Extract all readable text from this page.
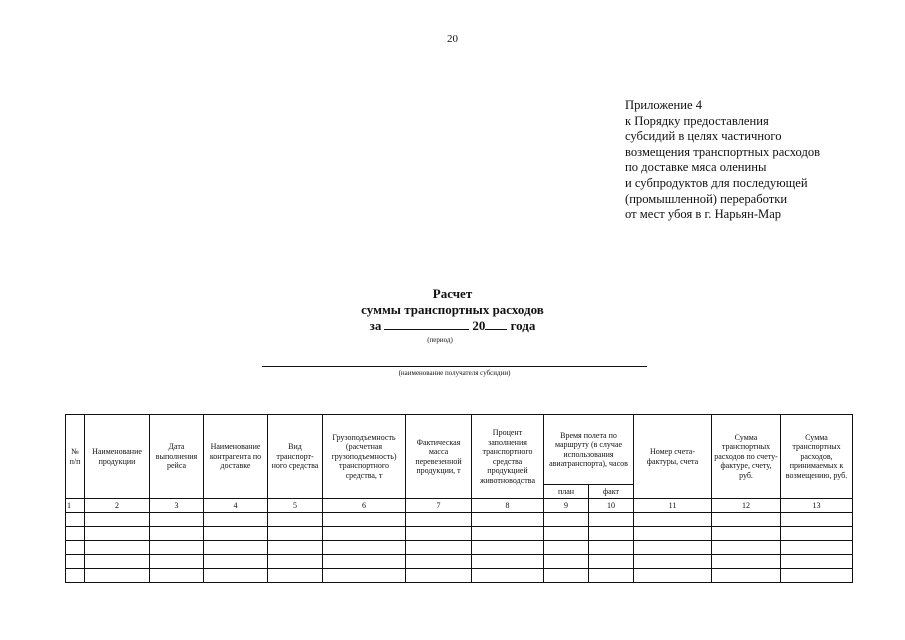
20
Приложение 4
к Порядку предоставления
субсидий в целях частичного
возмещения транспортных расходов
по доставке мяса оленины
и субпродуктов для последующей
(промышленной) переработки
от мест убоя в г. Нарьян-Мар
Расчет
суммы транспортных расходов
за	20 года
(период)
(наименование получателя субсидии)
№ п/п	Наименование продукции	Дата выполнения рейса	Наименование контрагента по доставке	Вид транспорт-ного средства	Грузоподъемность (расчетная грузоподъемность) транспортного средства, т	Фактическая масса перевезенной продукции, т	Процент заполнения транспортного средства продукцией животноводства	Время полета по маршруту (в случае использования авиатранспорта), часов		Номер счета-фактуры, счета	Сумма транспортных расходов по счету-фактуре, счету, руб.	Сумма транспортных расходов, принимаемых к возмещению, руб.
								план	факт			
1	2	3	4	5	6	7	8	9	10	11	12	13
